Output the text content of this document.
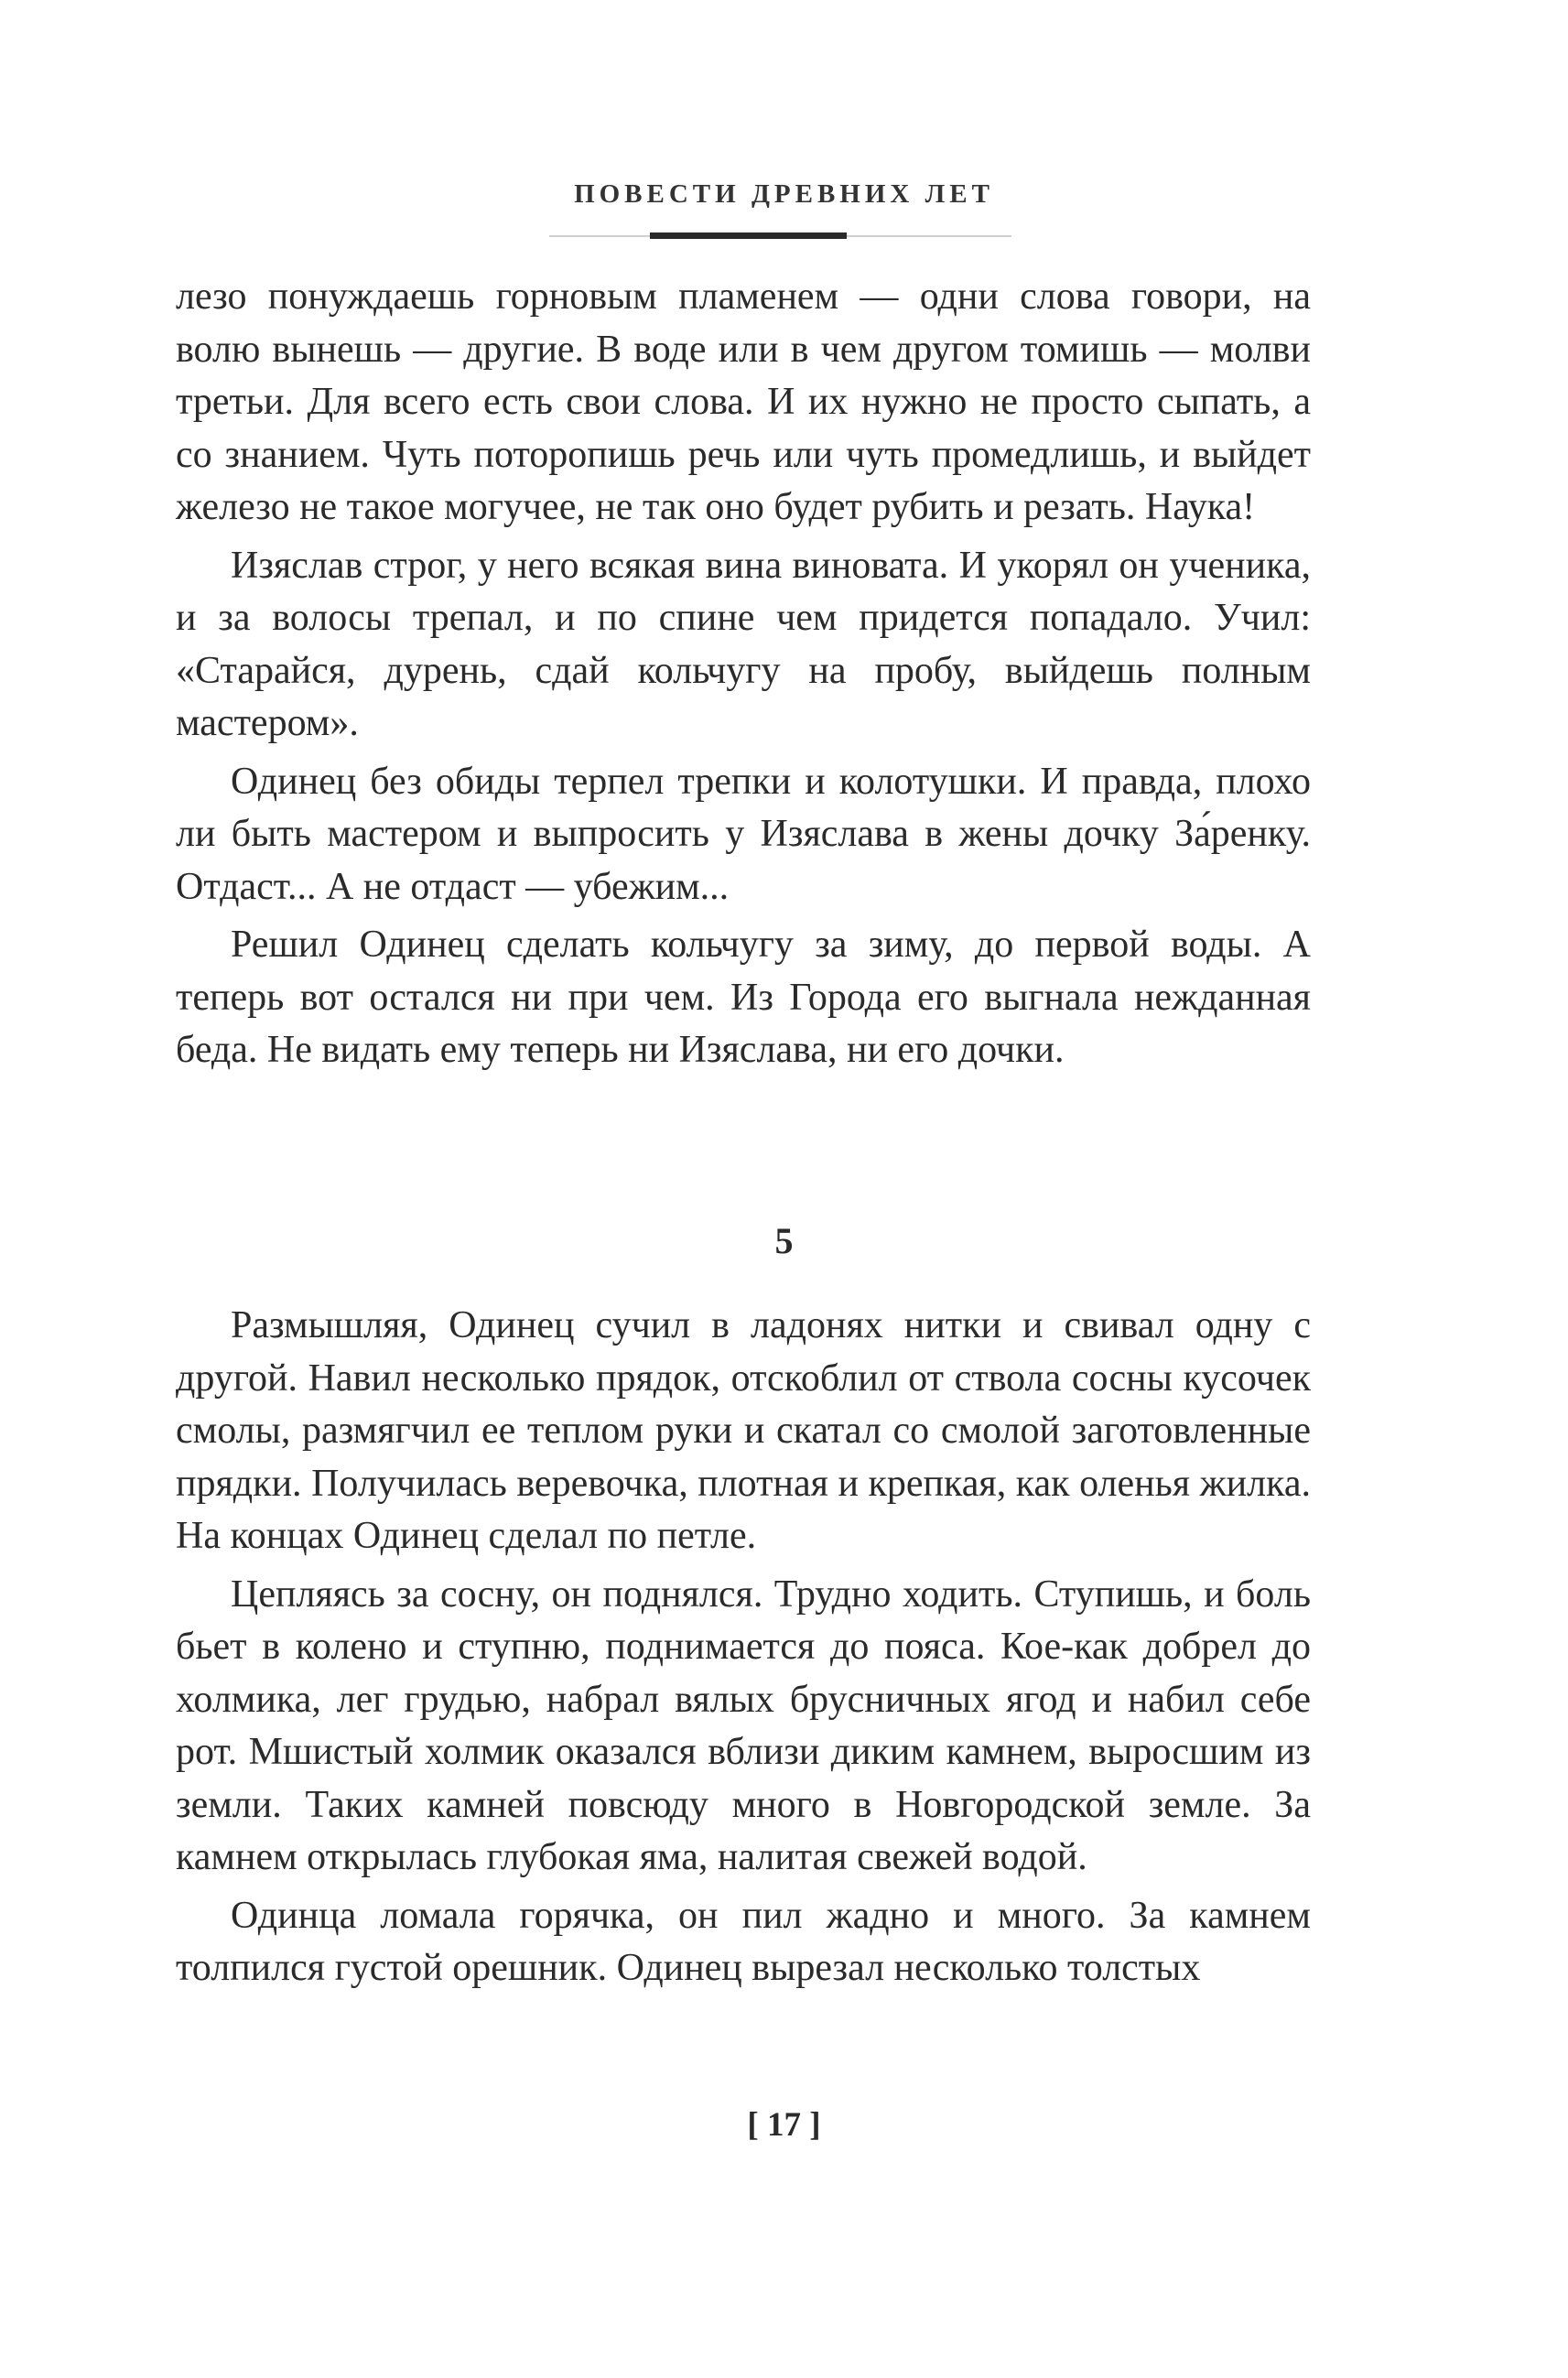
ПОВЕСТИ ДРЕВНИХ ЛЕТ

лезо понуждаешь горновым пламенем — одни слова говори, на волю вынешь — другие. В воде или в чем другом томишь — молви третьи. Для всего есть свои слова. И их нужно не просто сыпать, а со знанием. Чуть поторопишь речь или чуть промедлишь, и выйдет железо не такое могучее, не так оно будет рубить и резать. Наука!

Изяслав строг, у него всякая вина виновата. И укорял он ученика, и за волосы трепал, и по спине чем придется попадало. Учил: «Старайся, дурень, сдай кольчугу на пробу, выйдешь полным мастером».

Одинец без обиды терпел трепки и колотушки. И правда, плохо ли быть мастером и выпросить у Изяслава в жены дочку За́ренку. Отдаст... А не отдаст — убежим...

Решил Одинец сделать кольчугу за зиму, до первой воды. А теперь вот остался ни при чем. Из Города его выгнала нежданная беда. Не видать ему теперь ни Изяслава, ни его дочки.

5

Размышляя, Одинец сучил в ладонях нитки и свивал одну с другой. Навил несколько прядок, отскоблил от ствола сосны кусочек смолы, размягчил ее теплом руки и скатал со смолой заготовленные прядки. Получилась веревочка, плотная и крепкая, как оленья жилка. На концах Одинец сделал по петле.

Цепляясь за сосну, он поднялся. Трудно ходить. Ступишь, и боль бьет в колено и ступню, поднимается до пояса. Кое-как добрел до холмика, лег грудью, набрал вялых брусничных ягод и набил себе рот. Мшистый холмик оказался вблизи диким камнем, выросшим из земли. Таких камней повсюду много в Новгородской земле. За камнем открылась глубокая яма, налитая свежей водой.

Одинца ломала горячка, он пил жадно и много. За камнем толпился густой орешник. Одинец вырезал несколько толстых

[ 17 ]
